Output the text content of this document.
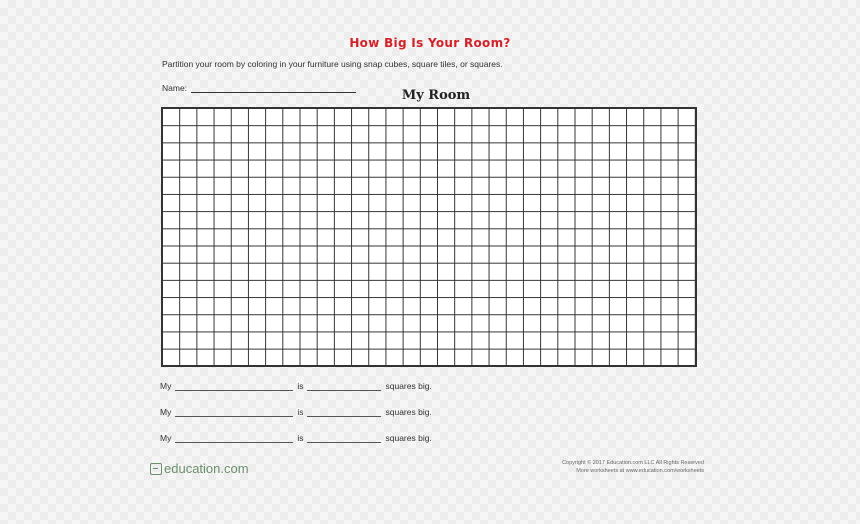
How Big Is Your Room?
Partition your room by coloring in your furniture using snap cubes, square tiles, or squares.
Name:	My Room
My	is	squares big.
My	is	squares big.
My	is	squares big.
education.com	Copyright © 2017 Education.com LLC All Rights Reserved
More worksheets at www.education.com/worksheets
